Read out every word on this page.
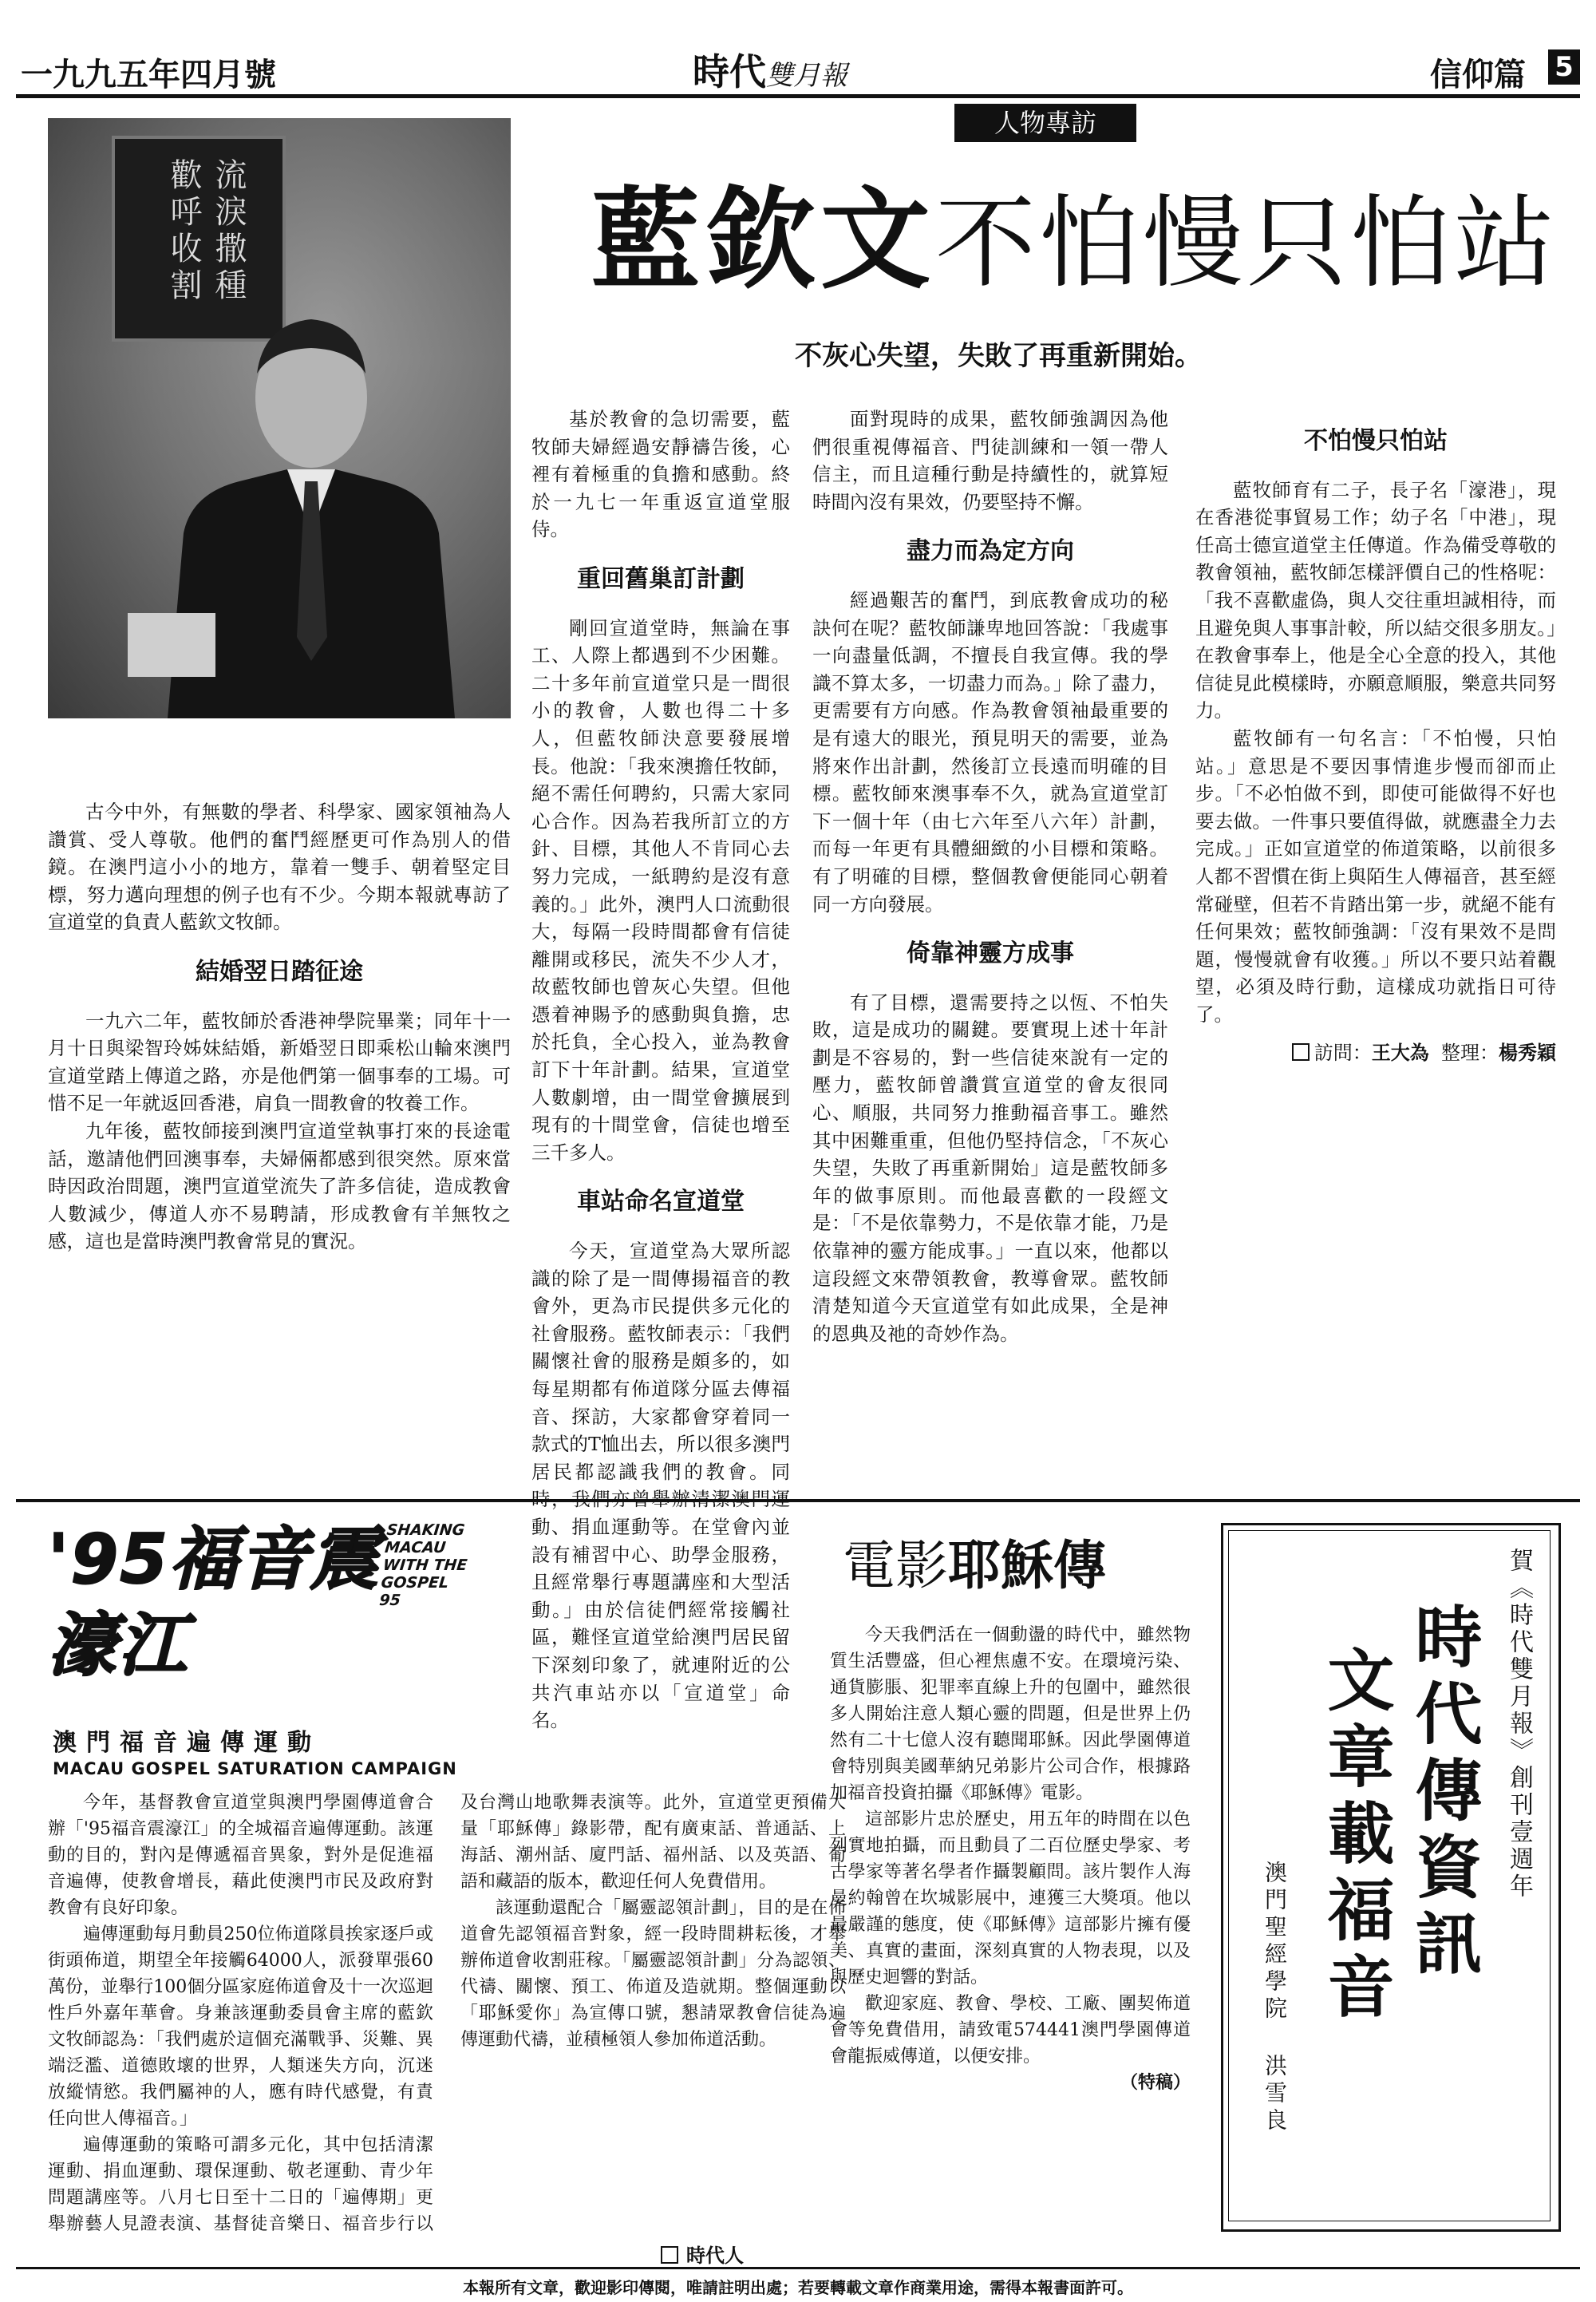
一九九五年四月號	時代雙月報	信仰篇 5
流淚撒種 歡呼收割
人物專訪
藍欽文不怕慢只怕站
不灰心失望，失敗了再重新開始。

古今中外，有無數的學者、科學家、國家領袖為人讚賞、受人尊敬。他們的奮鬥經歷更可作為別人的借鏡。在澳門這小小的地方，靠着一雙手、朝着堅定目標，努力邁向理想的例子也有不少。今期本報就專訪了宣道堂的負責人藍欽文牧師。

結婚翌日踏征途

一九六二年，藍牧師於香港神學院畢業；同年十一月十日與梁智玲姊妹結婚，新婚翌日即乘松山輪來澳門宣道堂踏上傳道之路，亦是他們第一個事奉的工場。可惜不足一年就返回香港，肩負一間教會的牧養工作。

九年後，藍牧師接到澳門宣道堂執事打來的長途電話，邀請他們回澳事奉，夫婦倆都感到很突然。原來當時因政治問題，澳門宣道堂流失了許多信徒，造成教會人數減少，傳道人亦不易聘請，形成教會有羊無牧之感，這也是當時澳門教會常見的實況。

基於教會的急切需要，藍牧師夫婦經過安靜禱告後，心裡有着極重的負擔和感動。終於一九七一年重返宣道堂服侍。

重回舊巢訂計劃

剛回宣道堂時，無論在事工、人際上都遇到不少困難。二十多年前宣道堂只是一間很小的教會，人數也得二十多人，但藍牧師決意要發展增長。他說：「我來澳擔任牧師，絕不需任何聘約，只需大家同心合作。因為若我所訂立的方針、目標，其他人不肯同心去努力完成，一紙聘約是沒有意義的。」此外，澳門人口流動很大，每隔一段時間都會有信徒離開或移民，流失不少人才，故藍牧師也曾灰心失望。但他憑着神賜予的感動與負擔，忠於托負，全心投入，並為教會訂下十年計劃。結果，宣道堂人數劇增，由一間堂會擴展到現有的十間堂會，信徒也增至三千多人。

車站命名宣道堂

今天，宣道堂為大眾所認識的除了是一間傳揚福音的教會外，更為市民提供多元化的社會服務。藍牧師表示：「我們關懷社會的服務是頗多的，如每星期都有佈道隊分區去傳福音、探訪，大家都會穿着同一款式的T恤出去，所以很多澳門居民都認識我們的教會。同 動、捐血運動等。在堂會內並設有補習中心、助學金服務，且經常舉行專題講座和大型活動。」由於信徒們經常接觸社區，難怪宣道堂給澳門居民留下深刻印象了，就連附近的公共汽車站亦以「宣道堂」命名。

面對現時的成果，藍牧師強調因為他們很重視傳福音、門徒訓練和一領一帶人信主，而且這種行動是持續性的，就算短時間內沒有果效，仍要堅持不懈。

盡力而為定方向

經過艱苦的奮鬥，到底教會成功的秘訣何在呢？藍牧師謙卑地回答說：「我處事一向盡量低調，不擅長自我宣傳。我的學識不算太多，一切盡力而為。」除了盡力，更需要有方向感。作為教會領袖最重要的是有遠大的眼光，預見明天的需要，並為將來作出計劃，然後訂立長遠而明確的目標。藍牧師來澳事奉不久，就為宣道堂訂下一個十年（由七六年至八六年）計劃，而每一年更有具體細緻的小目標和策略。有了明確的目標，整個教會便能同心朝着同一方向發展。

倚靠神靈方成事

有了目標，還需要持之以恆、不怕失敗，這是成功的關鍵。要實現上述十年計劃是不容易的，對一些信徒來說有一定的壓力，藍牧師曾讚賞宣道堂的會友很同心、順服，共同努力推動福音事工。雖然其中困難重重，但他仍堅持信念，「不灰心失望，失敗了再重新開始」這是藍牧師多年的做事原則。而他最喜歡的一段經文是：「不是依靠勢力，不是依靠才能，乃是依靠神的靈方能成事。」一直以來，他都以這段經文來帶領教會，教導會眾。藍牧師清楚知道今天宣道堂有如此成果，全是神的恩典及祂的奇妙作為。

不怕慢只怕站

藍牧師育有二子，長子名「濠港」，現在香港從事貿易工作；幼子名「中港」，現任高士德宣道堂主任傳道。作為備受尊敬的教會領袖，藍牧師怎樣評價自己的性格呢：「我不喜歡虛偽，與人交往重坦誠相待，而且避免與人事事計較，所以結交很多朋友。」在教會事奉上，他是全心全意的投入，其他信徒見此模樣時，亦願意順服，樂意共同努力。

藍牧師有一句名言：「不怕慢，只怕站。」意思是不要因事情進步慢而卻而止步。「不必怕做不到，即使可能做得不好也要去做。一件事只要值得做，就應盡全力去完成。」正如宣道堂的佈道策略，以前很多人都不習慣在街上與陌生人傳福音，甚至經常碰壁，但若不肯踏出第一步，就絕不能有任何果效；藍牧師強調：「沒有果效不是問題，慢慢就會有收獲。」所以不要只站着觀望，必須及時行動，這樣成功就指日可待了。

訪問：王大為 整理：楊秀穎
'95福音震濠江
SHAKING MACAU WITH THE GOSPEL 95
澳門福音遍傳運動
MACAU GOSPEL SATURATION CAMPAIGN

今年，基督教會宣道堂與澳門學園傳道會合辦「'95福音震濠江」的全城福音遍傳運動。該運動的目的，對內是傳遞福音異象，對外是促進福音遍傳，使教會增長，藉此使澳門市民及政府對教會有良好印象。

遍傳運動每月動員250位佈道隊員挨家逐戶或街頭佈道，期望全年接觸64000人，派發單張60萬份，並舉行100個分區家庭佈道會及十一次巡迴性戶外嘉年華會。身兼該運動委員會主席的藍欽文牧師認為：「我們處於這個充滿戰爭、災難、異端泛濫、道德敗壞的世界，人類迷失方向，沉迷放縱情慾。我們屬神的人，應有時代感覺，有責任向世人傳福音。」

遍傳運動的策略可謂多元化，其中包括清潔運動、捐血運動、環保運動、敬老運動、青少年問題講座等。八月七日至十二日的「遍傳期」更舉辦藝人見證表演、基督徒音樂日、福音步行以及台灣山地歌舞表演等。此外，宣道堂更預備大量「耶穌傳」錄影帶，配有廣東話、普通話、上海話、潮州話、廈門話、福州話、以及英語、葡語和藏語的版本，歡迎任何人免費借用。

該運動還配合「屬靈認領計劃」，目的是在佈道會先認領福音對象，經一段時間耕耘後，才舉辦佈道會收割莊稼。「屬靈認領計劃」分為認領、代禱、關懷、預工、佈道及造就期。整個運動以「耶穌愛你」為宣傳口號，懇請眾教會信徒為遍傳運動代禱，並積極領人參加佈道活動。

時代人
電影耶穌傳

今天我們活在一個動盪的時代中，雖然物質生活豐盛，但心裡焦慮不安。在環境污染、通貨膨脹、犯罪率直線上升的包圍中，雖然很多人開始注意人類心靈的問題，但是世界上仍然有二十七億人沒有聽聞耶穌。因此學園傳道會特別與美國華納兄弟影片公司合作，根據路加福音投資拍攝《耶穌傳》電影。

這部影片忠於歷史，用五年的時間在以色列實地拍攝，而且動員了二百位歷史學家、考古學家等著名學者作攝製顧問。該片製作人海曼約翰曾在坎城影展中，連獲三大獎項。他以最嚴謹的態度，使《耶穌傳》這部影片擁有優美、真實的畫面，深刻真實的人物表現，以及與歷史迴響的對話。

歡迎家庭、教會、學校、工廠、團契佈道會等免費借用，請致電574441澳門學園傳道會龍振威傳道，以便安排。

（特稿）
賀《時代雙月報》創刊壹週年
時代傳資訊
文章載福音
澳門聖經學院洪雪良
本報所有文章，歡迎影印傳閱，唯請註明出處；若要轉載文章作商業用途，需得本報書面許可。
